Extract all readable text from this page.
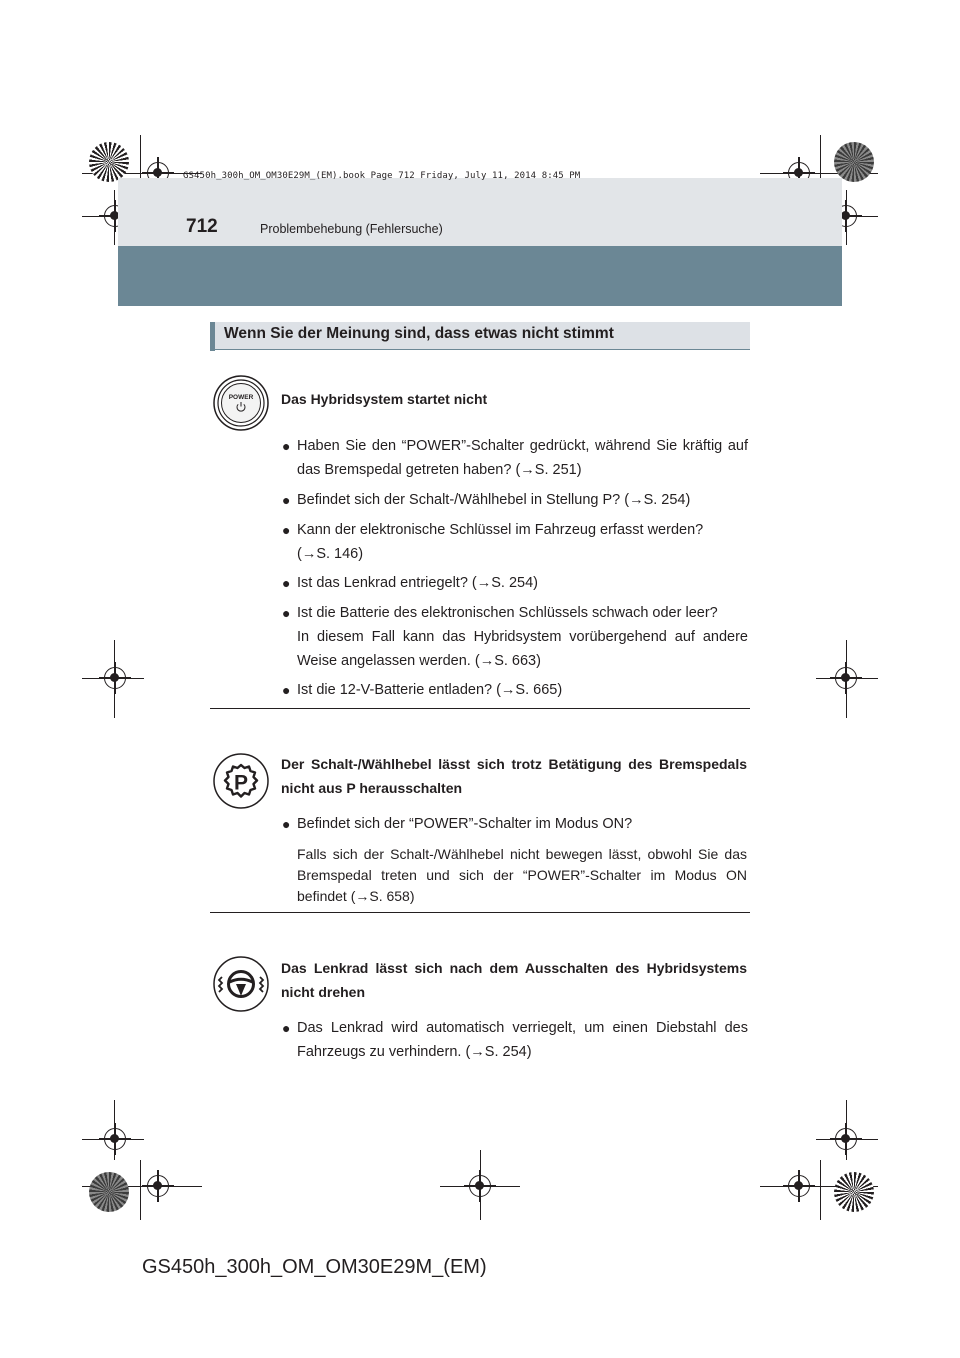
GS450h_300h_OM_OM30E29M_(EM).book Page 712 Friday, July 11, 2014 8:45 PM
712	Problembehebung (Fehlersuche)
Wenn Sie der Meinung sind, dass etwas nicht stimmt
POWER Das Hybridsystem startet nicht
● Haben Sie den “POWER”-Schalter gedrückt, während Sie kräftig auf das Bremspedal getreten haben? (→S. 251)
● Befindet sich der Schalt-/Wählhebel in Stellung P? (→S. 254)
● Kann der elektronische Schlüssel im Fahrzeug erfasst werden? (→S. 146)
● Ist das Lenkrad entriegelt? (→S. 254)
● Ist die Batterie des elektronischen Schlüssels schwach oder leer?
In diesem Fall kann das Hybridsystem vorübergehend auf andere Weise angelassen werden. (→S. 663)
● Ist die 12-V-Batterie entladen? (→S. 665)
P
Der Schalt-/Wählhebel lässt sich trotz Betätigung des Bremspedals nicht aus P herausschalten
● Befindet sich der “POWER”-Schalter im Modus ON?
Falls sich der Schalt-/Wählhebel nicht bewegen lässt, obwohl Sie das Bremspedal treten und sich der “POWER”-Schalter im Modus ON befindet (→S. 658)
Das Lenkrad lässt sich nach dem Ausschalten des Hybridsystems nicht drehen
● Das Lenkrad wird automatisch verriegelt, um einen Diebstahl des Fahrzeugs zu verhindern. (→S. 254)
GS450h_300h_OM_OM30E29M_(EM)
